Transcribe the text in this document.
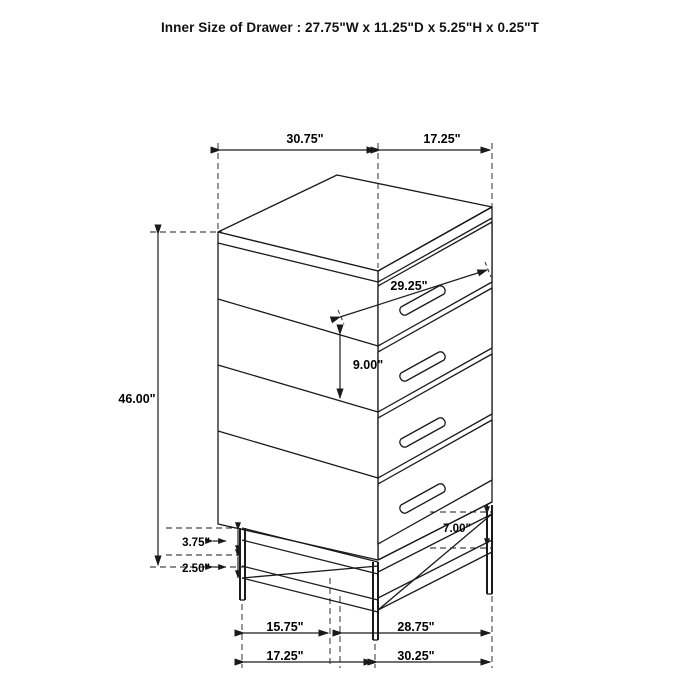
Inner Size of Drawer : 27.75"W x 11.25"D x 5.25"H x 0.25"T
30.75"	17.25"
29.25"
9.00"
46.00"
3.75"
2.50"
7.00"
15.75"	28.75"
17.25"	30.25"
